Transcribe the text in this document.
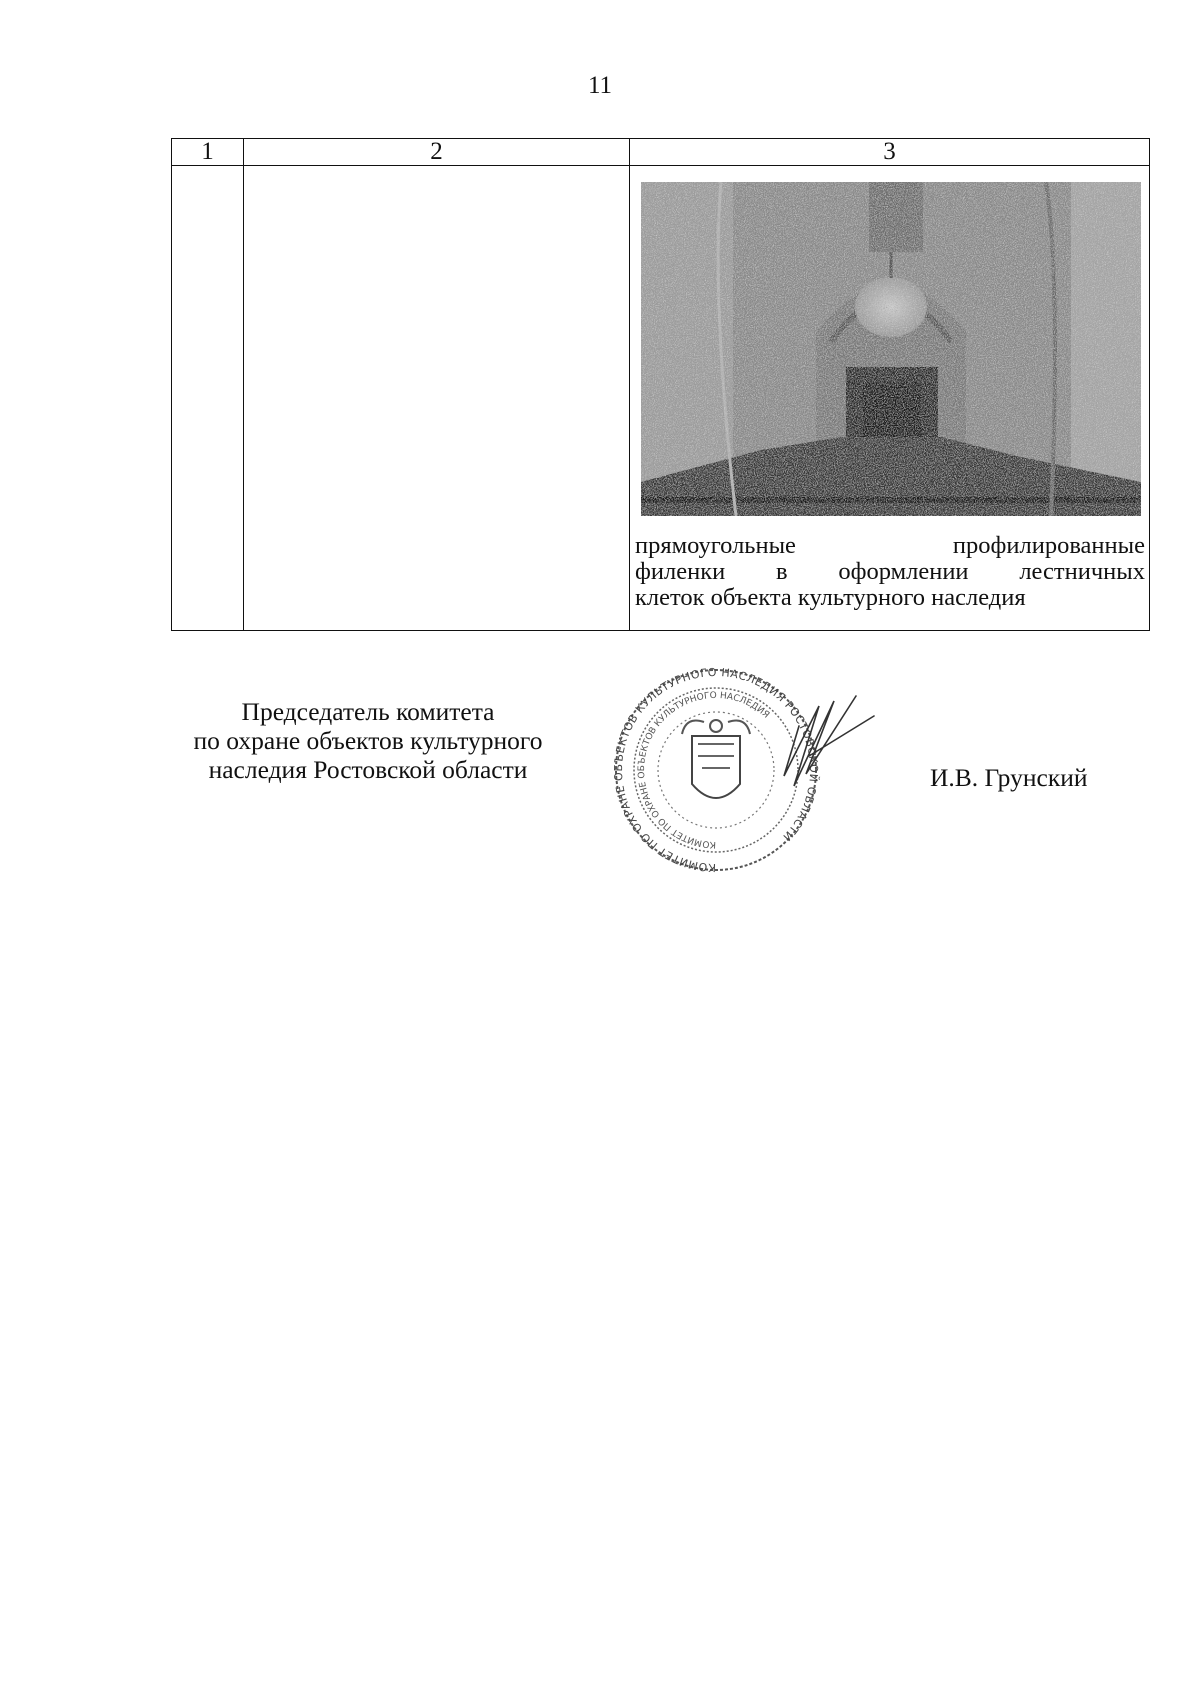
11
1	2	3

		прямоугольные профилированные
филенки в оформлении лестничных
клеток объекта культурного наследия
Председатель комитета
по охране объектов культурного
наследия Ростовской области
КОМИТЕТ ПО ОХРАНЕ ОБЪЕКТОВ КУЛЬТУРНОГО НАСЛЕДИЯ РОСТОВСКОЙ ОБЛАСТИ
КОМИТЕТ ПО ОХРАНЕ ОБЪЕКТОВ КУЛЬТУРНОГО НАСЛЕДИЯ
И.В. Грунский
